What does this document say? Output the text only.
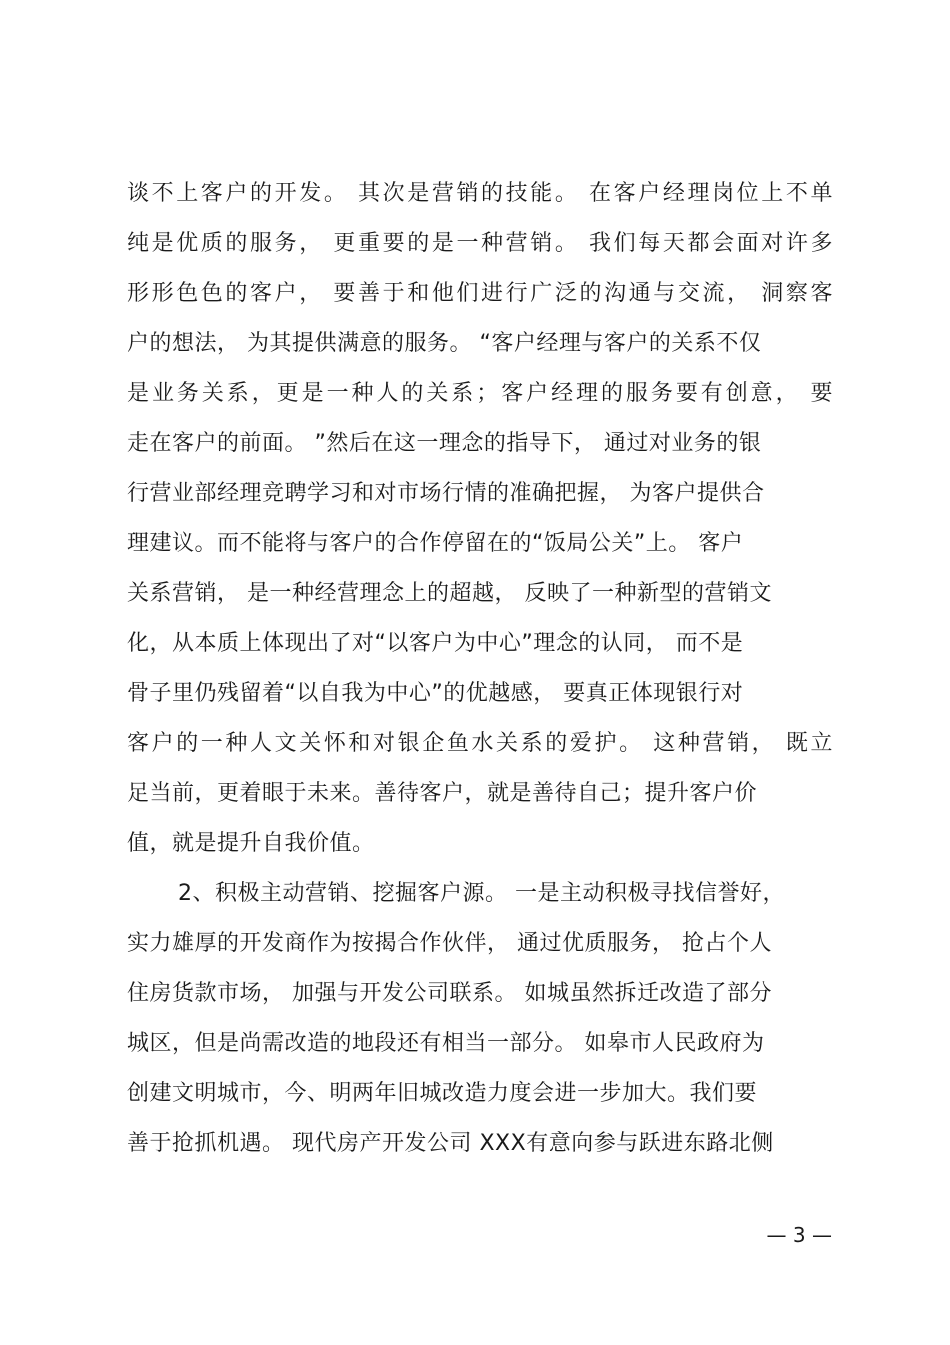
谈不上客户的开发。 其次是营销的技能。 在客户经理岗位上不单
纯是优质的服务， 更重要的是一种营销。 我们每天都会面对许多
形形色色的客户， 要善于和他们进行广泛的沟通与交流， 洞察客
户的想法， 为其提供满意的服务。 “客户经理与客户的关系不仅
是业务关系，更是一种人的关系；客户经理的服务要有创意， 要
走在客户的前面。 ”然后在这一理念的指导下， 通过对业务的银
行营业部经理竞聘学习和对市场行情的准确把握， 为客户提供合
理建议。而不能将与客户的合作停留在的“饭局公关”上。 客户
关系营销， 是一种经营理念上的超越， 反映了一种新型的营销文
化，从本质上体现出了对“以客户为中心”理念的认同， 而不是
骨子里仍残留着“以自我为中心”的优越感， 要真正体现银行对
客户的一种人文关怀和对银企鱼水关系的爱护。 这种营销， 既立
足当前，更着眼于未来。善待客户，就是善待自己；提升客户价
值，就是提升自我价值。
2、积极主动营销、挖掘客户源。 一是主动积极寻找信誉好，
实力雄厚的开发商作为按揭合作伙伴， 通过优质服务， 抢占个人
住房货款市场， 加强与开发公司联系。 如城虽然拆迁改造了部分
城区，但是尚需改造的地段还有相当一部分。 如皋市人民政府为
创建文明城市，今、明两年旧城改造力度会进一步加大。我们要
善于抢抓机遇。 现代房产开发公司 XXX有意向参与跃进东路北侧
— 3 —
